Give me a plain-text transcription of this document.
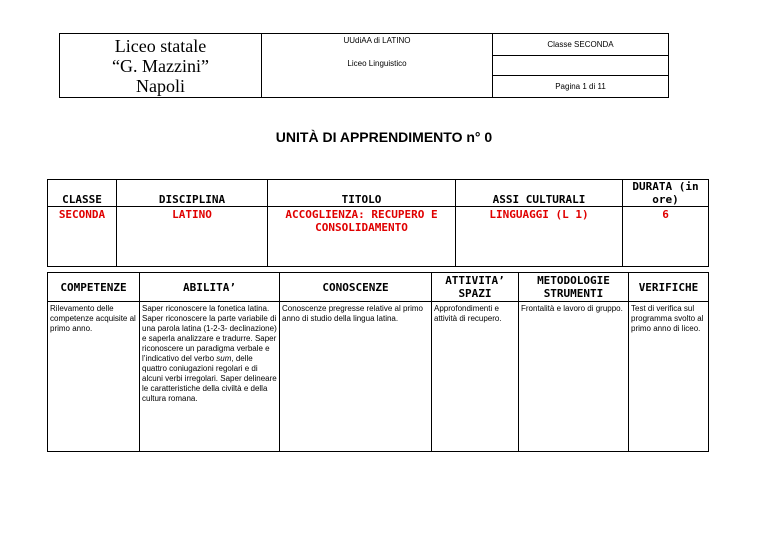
Liceo statale
“G. Mazzini”
Napoli

UUdiAA di LATINO
Liceo Linguistico
	Classe SECONDA

Pagina 1 di 11
UNITÀ DI APPRENDIMENTO n° 0
CLASSE	DISCIPLINA	TITOLO	ASSI CULTURALI	DURATA (in ore)
SECONDA	LATINO	ACCOGLIENZA: RECUPERO E CONSOLIDAMENTO	LINGUAGGI (L 1)	6
COMPETENZE	ABILITA’	CONOSCENZE	ATTIVITA’ SPAZI	METODOLOGIE STRUMENTI	VERIFICHE
Rilevamento delle competenze acquisite al primo anno.	Saper riconoscere la fonetica latina. Saper riconoscere la parte variabile di una parola latina (1-2-3- declinazione) e saperla analizzare e tradurre. Saper riconoscere un paradigma verbale e l’indicativo del verbo sum, delle quattro coniugazioni regolari e di alcuni verbi irregolari. Saper delineare le caratteristiche della civiltà e della cultura romana.	Conoscenze pregresse relative al primo anno di studio della lingua latina.	Approfondimenti e attività di recupero.	Frontalità e lavoro di gruppo.	Test di verifica sul programma svolto al primo anno di liceo.
